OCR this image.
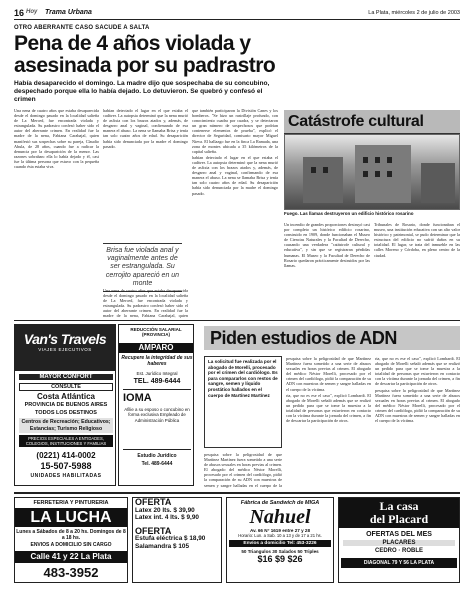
16 Hoy Trama Urbana	La Plata, miércoles 2 de julio de 2003
OTRO ABERRANTE CASO SACUDE A SALTA
Pena de 4 años violada y asesinada por su padrastro
Había desaparecido el domingo. La madre dijo que sospechaba de su concubino, despechado porque ella lo había dejado. Lo detuvieron. Se quebró y confesó el crimen

Una nena de cuatro años que estaba desaparecida desde el domingo pasado en la localidad salteña de La Merced, fue encontrada violada y estrangulada. Su padrastro confesó haber sido el autor del aberrante crimen. En realidad fue la madre de la nena, Fabiana Carabajal, quien manifestó sus sospechas sobre su pareja, Claudio Abula, de 28 años, cuando fue a radicar la denuncia por la desaparición de la menor. Las razones sobraban: ella lo había dejado y él, casi fue la última persona que estuvo con la pequeña cuando ésta estaba viva.

habían detectado el lugar en el que estaba el cadáver. La autopsia determinó que la nena murió de asfixia con los brazos atados y, además, de desgarro anal y vaginal, confirmando de esa manera el abuso. La nena se llamaba Brisa y tenía tan solo cuatro años de edad. Su desaparición había sido denunciada por la madre el domingo pasado.

Brisa fue violada anal y vaginalmente antes de ser estrangulada. Su cerrojito apareció en un monte

Una nena de cuatro años que estaba desaparecida desde el domingo pasado en la localidad salteña de La Merced, fue encontrada violada y estrangulada. Su padrastro confesó haber sido el autor del aberrante crimen. En realidad fue la madre de la nena, Fabiana Carabajal, quien

que también participaron la División Canes y los bomberos. "Se hizo un rastrillaje profundo, con conocimiento cuadra por cuadra, y se detectaron un gran número de sospechosos que podrían contenerse elementos de prueba", explicó el director de Seguridad, comisario mayor Miguel Nieva. El hallazgo fue en la finca La Ramada, una zona de montes ubicada a 35 kilómetros de la capital salteña.

habían detectado el lugar en el que estaba el cadáver. La autopsia determinó que la nena murió de asfixia con los brazos atados y, además, de desgarro anal y vaginal, confirmando de esa manera el abuso. La nena se llamaba Brisa y tenía tan solo cuatro años de edad. Su desaparición había sido denunciada por la madre el domingo pasado.

Catástrofe cultural
Fuego. Las llamas destruyeron un edificio histórico rosarino

Un incendio de grandes proporciones destruyó casi por completo un histórico edificio rosarino, construido en 1909, donde funcionaban el Museo de Ciencias Naturales y la Facultad de Derecho, causando una verdadera "catástrofe cultural y educativa", y sin que se registraran pérdidas humanas. El Museo y la Facultad de Derecho de Rosario quedaron prácticamente destruidos por las llamas.

Tribunales de Rosario, donde funcionaban el museo, una institución educativa con un alto valor histórico y patrimonial, se pudo determinar que la estructura del edificio no sufrió daños en su totalidad. El lugar, se trata del inmueble en las calles Moreno y Córdoba, en pleno centro de la ciudad.

Van's Travels
VIAJES EJECUTIVOS
MAYOR CONFORT
CONSULTE
Costa Atlántica
PROVINCIA DE BUENOS AIRES
TODOS LOS DESTINOS
Centros de Recreación; Educativos; Estancias; Turismo Religioso
PRECIOS ESPECIALES A ENTIDADES, COLEGIOS, INSTITUCIONES Y FAMILIAS
(0221) 414-0002
15-507-5988
UNIDADES HABILITADAS
REDUCCIÓN SALARIAL (PROVINCIA)
AMPARO
Recupere la integridad de sus haberes
Est. Jurídico Integral
TEL. 489-6444
IOMA
Afilie a su esposo o concubino en forma exclusiva Empleado de Administración Pública
Estudio Jurídico
Tel. 489-6444
Piden estudios de ADN
La solicitud fue realizada por el abogado de Morelli, procesado por el crimen del cardiólogo. Es para compararlos con restos de sangre, semen y líquido prostático hallados en el cuerpo de Martínez Martínez

pesquisa sobre la peligrosidad de que Martínez Martínez fuera sometido a una serie de abusos sexuales en horas previas al crimen. El abogado del médico Néstor Morelli, procesado por el crimen del cardiólogo, pidió la comparación de su ADN con muestras de semen y sangre halladas en el cuerpo de la víctima.

ria, que no es ese el caso", explicó Lombardi. El abogado de Morelli señaló además que se realizó un pedido para que se tome la muestra a la totalidad de personas que estuvieron en contacto con la víctima durante la jornada del crimen, a fin de descartar la participación de otros.

ria, que no es ese el caso", explicó Lombardi. El abogado de Morelli señaló además que se realizó un pedido para que se tome la muestra a la totalidad de personas que estuvieron en contacto con la víctima durante la jornada del crimen, a fin de descartar la participación de otros.

pesquisa sobre la peligrosidad de que Martínez Martínez fuera sometido a una serie de abusos sexuales en horas previas al crimen. El abogado del médico Néstor Morelli, procesado por el crimen del cardiólogo, pidió la comparación de su ADN con muestras de semen y sangre halladas en el cuerpo de la víctima.

pesquisa sobre la peligrosidad de que Martínez Martínez fuera sometido a una serie de abusos sexuales en horas previas al crimen. El abogado del médico Néstor Morelli, procesado por el crimen del cardiólogo, pidió la comparación de su ADN con muestras de semen y sangre halladas en el cuerpo de la

FERRETERIA Y PINTURERIA
LA LUCHA
Lunes a Sábados de 8 a 20 hs. Domingos de 8 a 18 hs.
ENVIOS A DOMICILIO SIN CARGO
Calle 41 y 22 La Plata
483-3952
OFERTA
Latex 20 lts. $ 39,90
Latex int. 4 lts. $ 9,90
OFERTA
Estufa eléctrica $ 18,90
Salamandra $ 105
Fábrica de Sandwich de MIGA
Nahuel
Av. 66 N° 1619 entre 27 y 28
Horario: Lun. a Sab. 10 a 13 y de 17 a 21 hs.
Envíos a domicilio Tel: 453-3226
50 Triangulos 30 Salados 50 Triples
$16 $9 $26
La casa
del Placard
OFERTAS DEL MES
PLACARES
CEDRO · ROBLE
DIAGONAL 79 Y 56 LA PLATA
